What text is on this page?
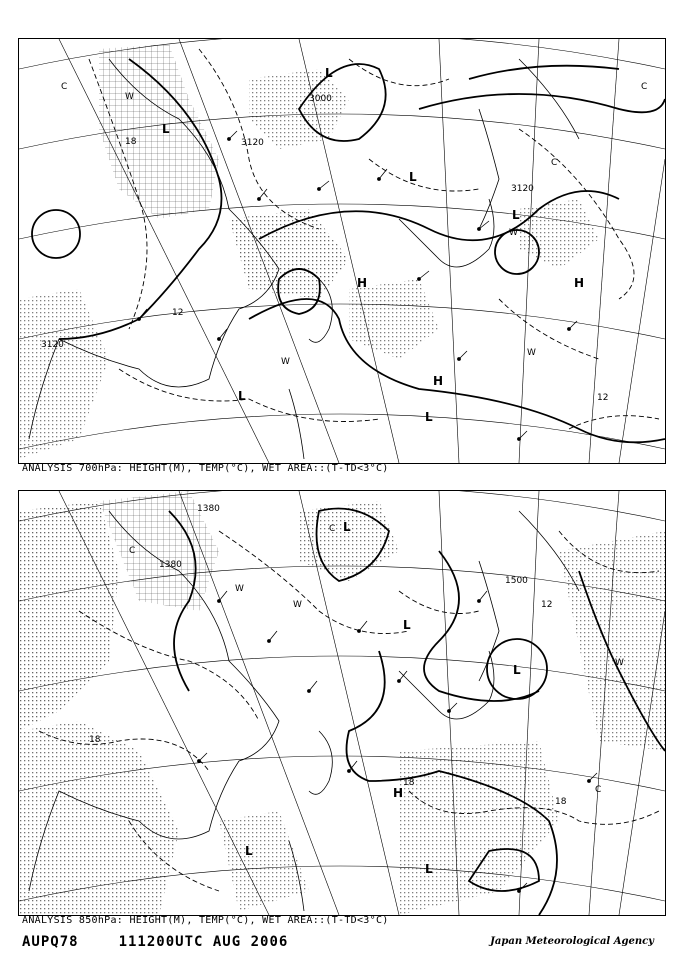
3000
3120
3120
3120
12
18
12
C
C
C
L
L
L
L
L
L
H
H
H
W
W
W
W
ANALYSIS 700hPa: HEIGHT(M), TEMP(°C), WET AREA::(T-TD<3°C)
1380
1380
1500
18
18
18
12
C
C
C
L
L
L
L
L
H
W
W
W
ANALYSIS 850hPa: HEIGHT(M), TEMP(°C), WET AREA::(T-TD<3°C)
AUPQ78	111200UTC AUG 2006	Japan Meteorological Agency
